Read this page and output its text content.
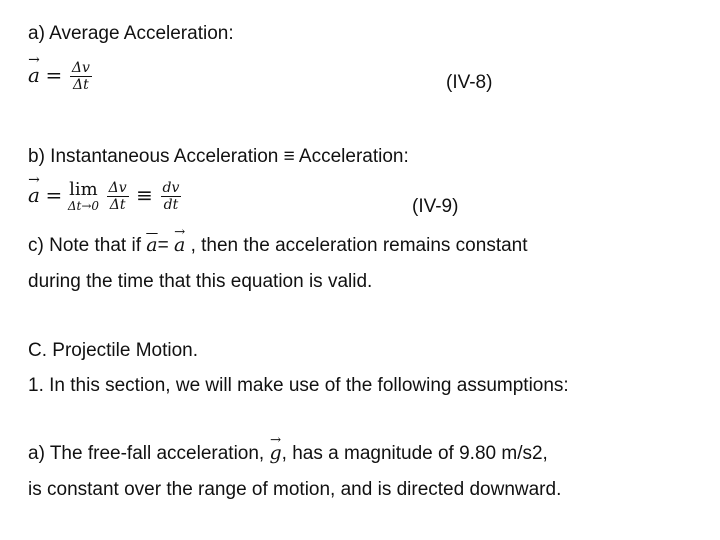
a) Average Acceleration:
a → = $\frac{\Delta v}{\Delta t}$	(IV-8)
b) Instantaneous Acceleration ≡ Acceleration:
a → = lim
Δt→0
$\frac{\Delta v}{\Delta t} \equiv \frac{dv}{dt}$	(IV-9)
c) Note that if $\overline{a}= a$ → , then the acceleration remains constant
during the time that this equation is valid.
C. Projectile Motion.
1. In this section, we will make use of the following assumptions:
a) The free-fall acceleration, g →, has a magnitude of 9.80 m/s2,
is constant over the range of motion, and is directed downward.
